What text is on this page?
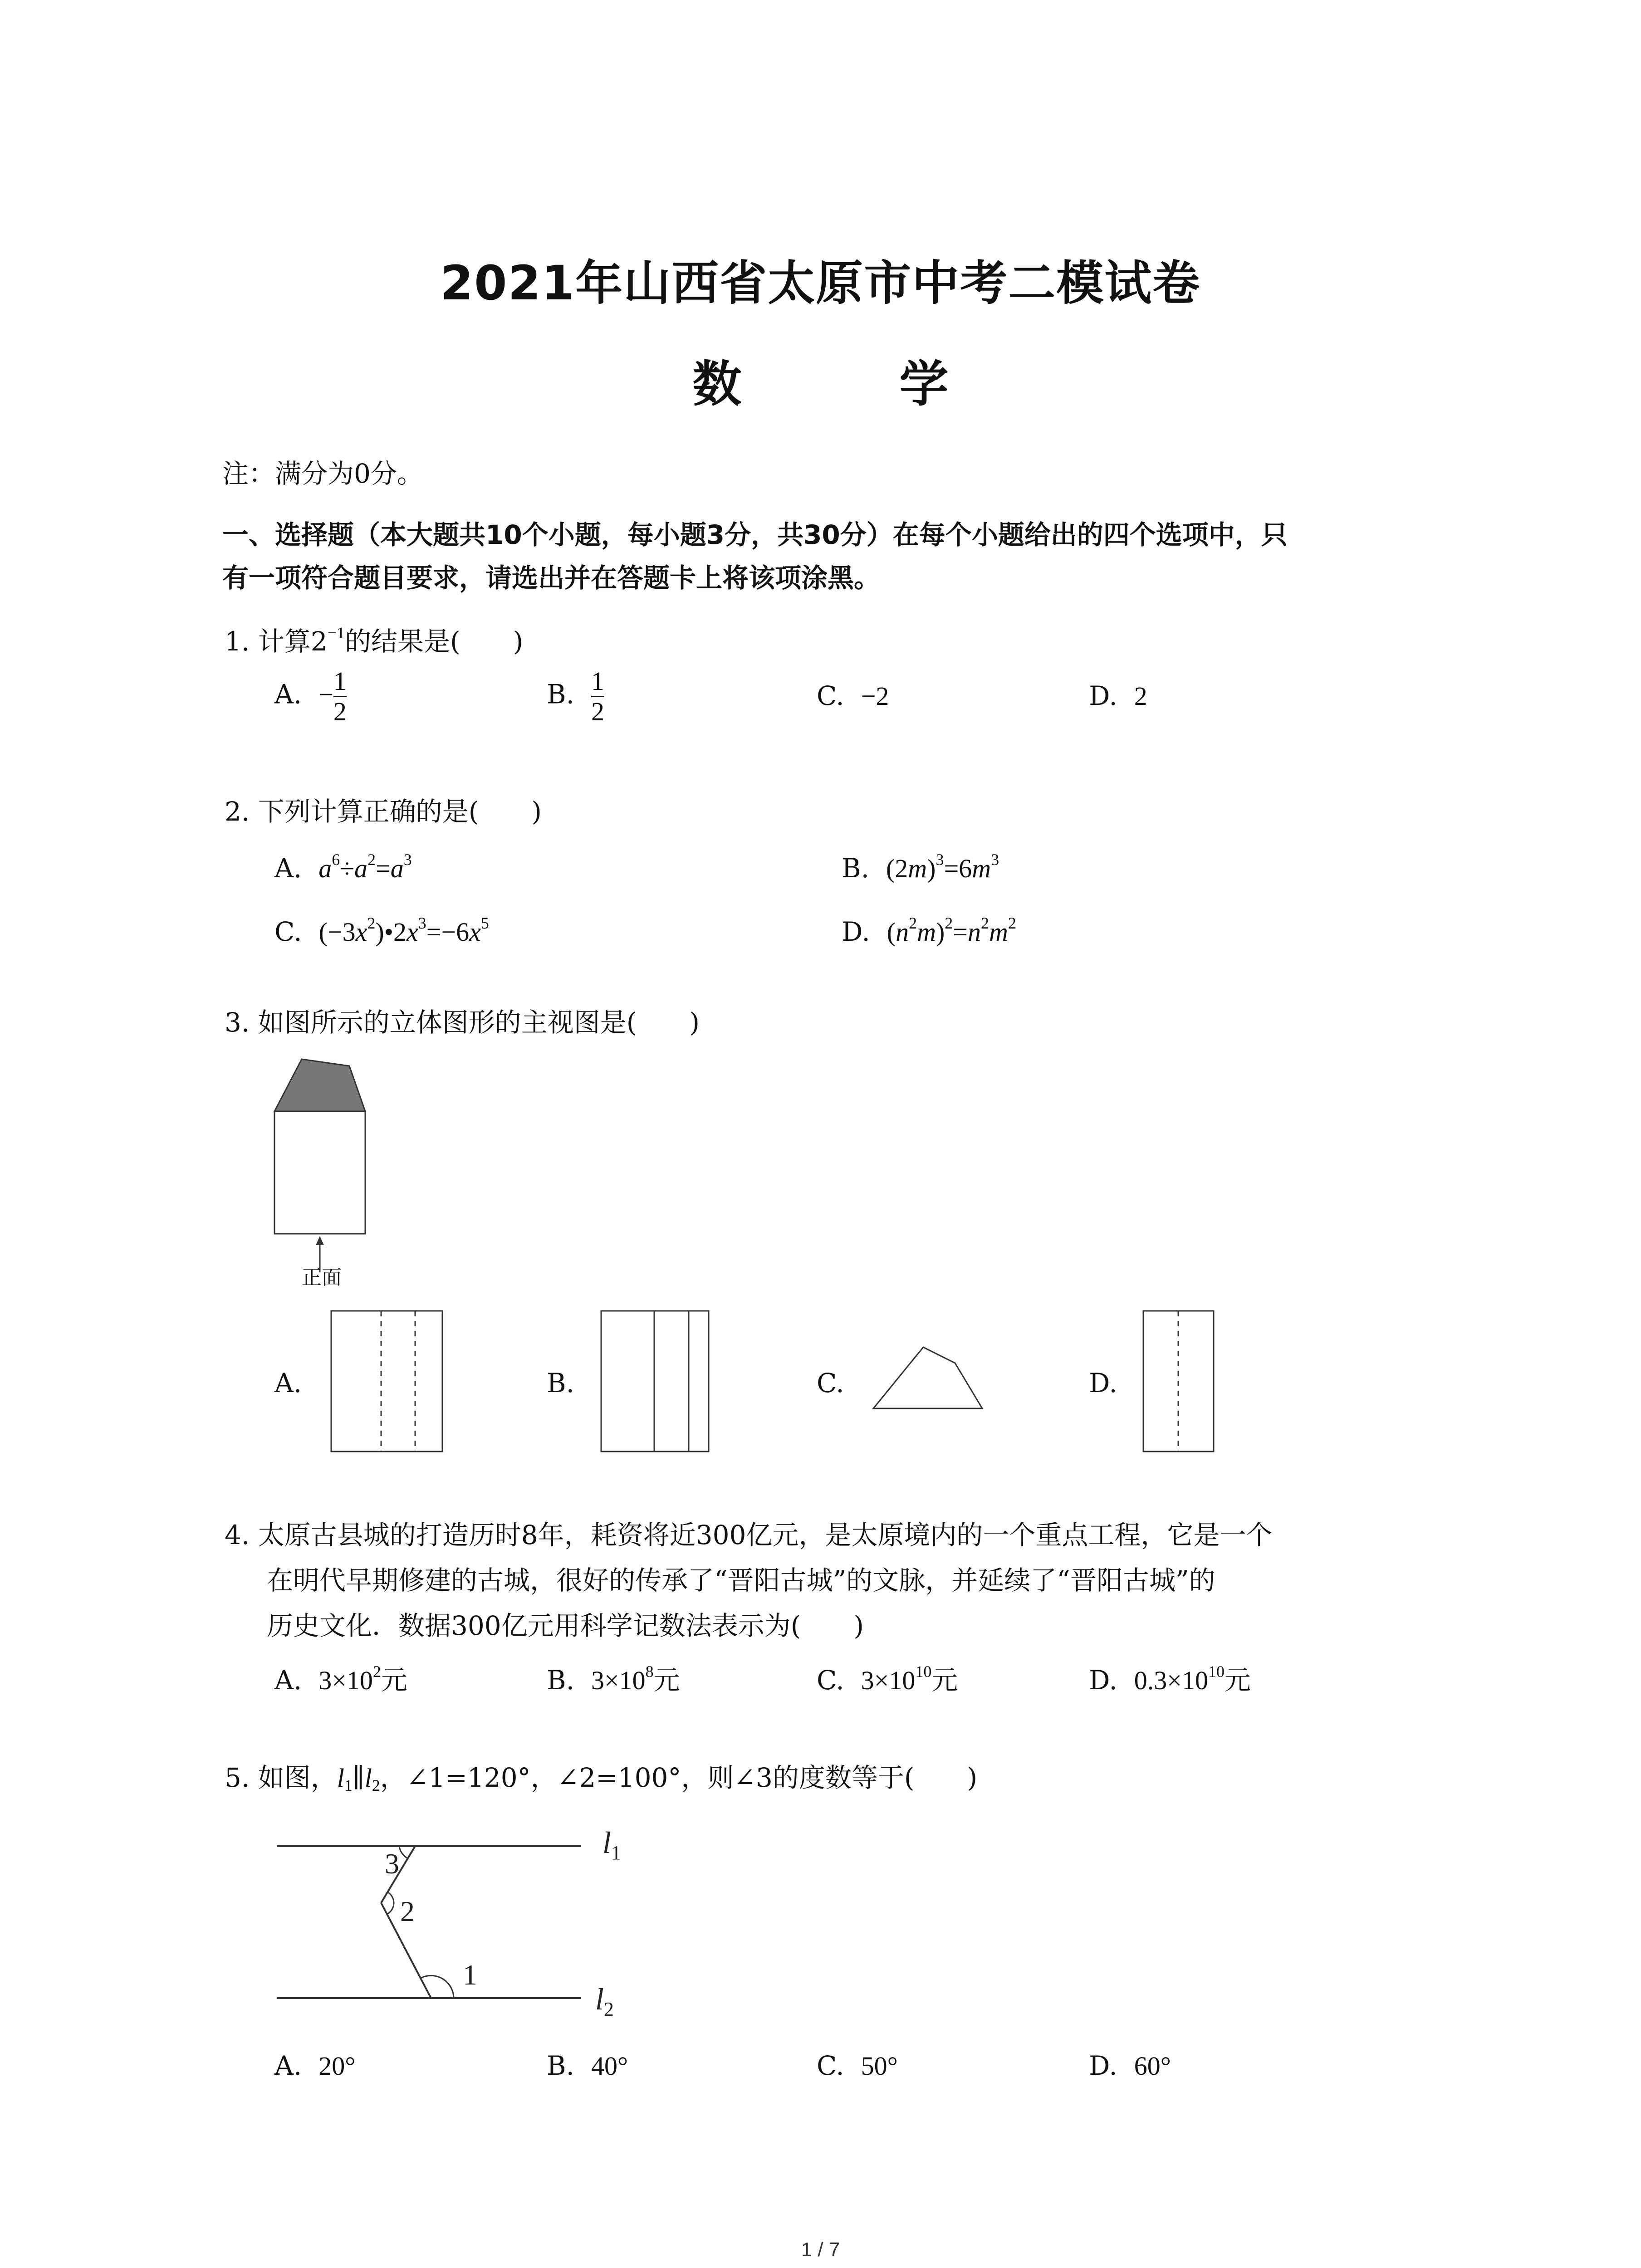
2021年山西省太原市中考二模试卷
数　学
注：满分为0分。
一、选择题（本大题共10个小题，每小题3分，共30分）在每个小题给出的四个选项中，只
有一项符合题目要求，请选出并在答题卡上将该项涂黑。
1. 计算$2^{-1}$的结果是(　　)
A. − $\frac{1}{2}$	B. $\frac{1}{2}$	C. −2	D. 2
2. 下列计算正确的是(　　)
A. $a^6\div a^2=a^3$	B. $(2m)^3=6m^3$
C. $(-3x^2)•2x^3=-6x^5$	D. $(n^2m)^2=n^2m^2$
3. 如图所示的立体图形的主视图是(　　)
正面
A.	B.	C.	D.
4. 太原古县城的打造历时8年，耗资将近300亿元，是太原境内的一个重点工程，它是一个
在明代早期修建的古城，很好的传承了“晋阳古城”的文脉，并延续了“晋阳古城”的
历史文化．数据300亿元用科学记数法表示为(　　)
A. $3\times 10^2$元	B. $3\times 10^8$元	C. $3\times 10^{10}$元	D. $0.3\times 10^{10}$元
5. 如图，$l_1\parallel l_2$，∠1=120°，∠2=100°，则∠3的度数等于(　　)
3
2
1
$l_1$
$l_2$
A. 20°	B. 40°	C. 50°	D. 60°
1 / 7
